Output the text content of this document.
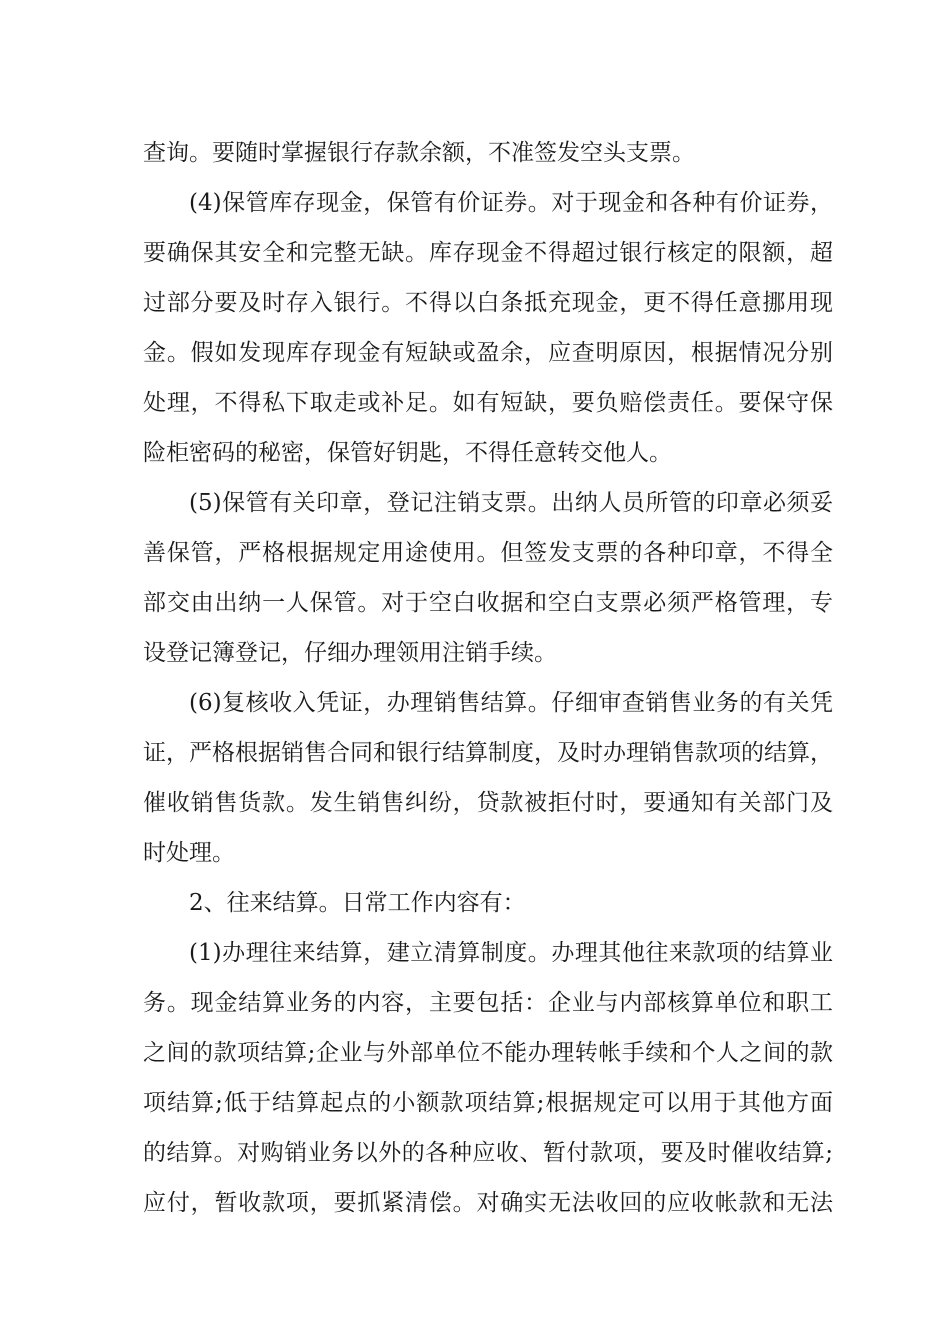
查询。要随时掌握银行存款余额，不准签发空头支票。
(4)保管库存现金，保管有价证券。对于现金和各种有价证券，
要确保其安全和完整无缺。库存现金不得超过银行核定的限额，超
过部分要及时存入银行。不得以白条抵充现金，更不得任意挪用现
金。假如发现库存现金有短缺或盈余，应查明原因，根据情况分别
处理，不得私下取走或补足。如有短缺，要负赔偿责任。要保守保
险柜密码的秘密，保管好钥匙，不得任意转交他人。
(5)保管有关印章，登记注销支票。出纳人员所管的印章必须妥
善保管，严格根据规定用途使用。但签发支票的各种印章，不得全
部交由出纳一人保管。对于空白收据和空白支票必须严格管理，专
设登记簿登记，仔细办理领用注销手续。
(6)复核收入凭证，办理销售结算。仔细审查销售业务的有关凭
证，严格根据销售合同和银行结算制度，及时办理销售款项的结算，
催收销售货款。发生销售纠纷，贷款被拒付时，要通知有关部门及
时处理。
2、往来结算。日常工作内容有：
(1)办理往来结算，建立清算制度。办理其他往来款项的结算业
务。现金结算业务的内容，主要包括：企业与内部核算单位和职工
之间的款项结算;企业与外部单位不能办理转帐手续和个人之间的款
项结算;低于结算起点的小额款项结算;根据规定可以用于其他方面
的结算。对购销业务以外的各种应收、暂付款项，要及时催收结算;
应付，暂收款项，要抓紧清偿。对确实无法收回的应收帐款和无法
